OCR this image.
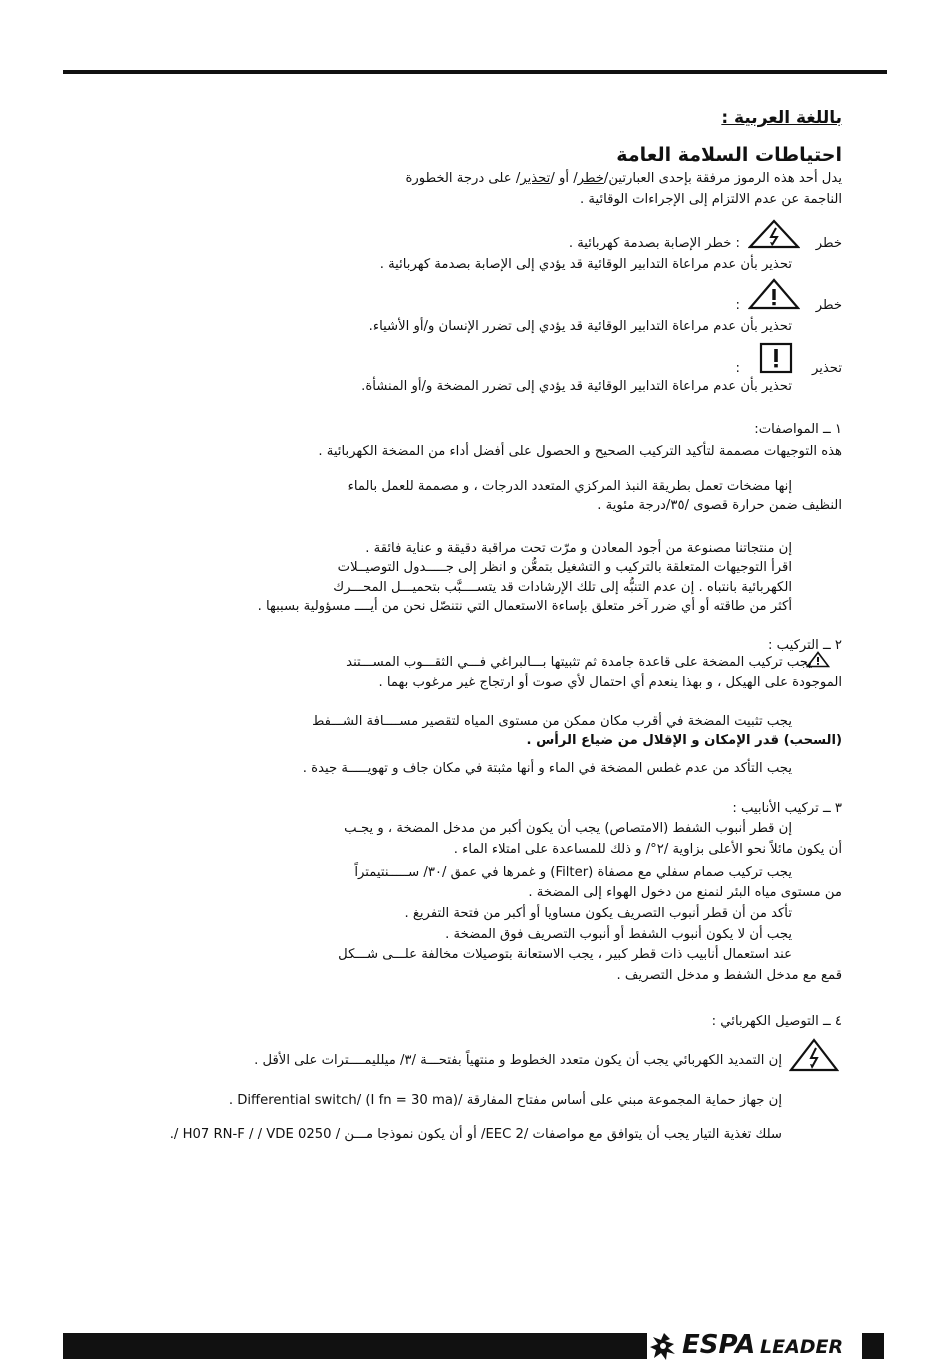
باللغة العربية :
احتياطات السلامة العامة
يدل أحد هذه الرموز مرفقة بإحدى العبارتين/خطر/ أو /تحذير/ على درجة الخطورة
الناجمة عن عدم الالتزام إلى الإجراءات الوقائية .
خطر
: خطر الإصابة بصدمة كهربائية .
تحذير بأن عدم مراعاة التدابير الوقائية قد يؤدي إلى الإصابة بصدمة كهربائية .
خطر
:
تحذير بأن عدم مراعاة التدابير الوقائية قد يؤدي إلى تضرر الإنسان و/أو الأشياء.
تحذير
:
تحذير بأن عدم مراعاة التدابير الوقائية قد يؤدي إلى تضرر المضخة و/أو المنشأة.
١ ــ المواصفات:
هذه التوجيهات مصممة لتأكيد التركيب الصحيح و الحصول على أفضل أداء من المضخة الكهربائية .
إنها مضخات تعمل بطريقة النبذ المركزي المتعدد الدرجات ، و مصممة للعمل بالماء
النظيف ضمن حرارة قصوى /٣٥/درجة مئوية .
إن منتجاتنا مصنوعة من أجود المعادن و مرّت تحت مراقبة دقيقة و عناية فائقة .
اقرأ التوجيهات المتعلقة بالتركيب و التشغيل بتمعُّن و انظر إلى جـــــدول التوصيــلات
الكهربائية بانتباه . إن عدم التنبُّه إلى تلك الإرشادات قد يتســــبَّب بتحميـــل المحـــرك
أكثر من طاقته أو أي ضرر آخر متعلق بإساءة الاستعمال التي نتنصّل نحن من أيــــ مسؤولية بسببها .
٢ ــ التركيب :
يجب تركيب المضخة على قاعدة جامدة ثم تثبيتها بـــالبراغي فـــي الثقـــوب المســـتند
الموجودة على الهيكل ، و بهذا ينعدم أي احتمال لأي صوت أو ارتجاج غير مرغوب بهما .
يجب تثبيت المضخة في أقرب مكان ممكن من مستوى المياه لتقصير مســــافة الشـــفط
(السحب) قدر الإمكان و الإقلال من ضياع الرأس .
يجب التأكد من عدم غطس المضخة في الماء و أنها مثبتة في مكان جاف و تهويـــــة جيدة .
٣ ــ تركيب الأنابيب :
إن قطر أنبوب الشفط (الامتصاص) يجب أن يكون أكبر من مدخل المضخة ، و يجـب
أن يكون مائلاً نحو الأعلى بزاوية /٢°/ و ذلك للمساعدة على امتلاء الماء .
يجب تركيب صمام سفلي مع مصفاة (Filter) و غمرها في عمق /٣٠/ ســـــنتيمتراً
من مستوى مياه البئر لنمنع من دخول الهواء إلى المضخة .
تأكد من أن قطر أنبوب التصريف يكون مساويا أو أكبر من فتحة التفريغ .
يجب أن لا يكون أنبوب الشفط أو أنبوب التصريف فوق المضخة .
عند استعمال أنابيب ذات قطر كبير ، يجب الاستعانة بتوصيلات مخالفة علـــى شـــكل
قمع مع مدخل الشفط و مدخل التصريف .
٤ ــ التوصيل الكهربائي :
إن التمديد الكهربائي يجب أن يكون متعدد الخطوط و منتهياً بفتحـــة /٣/ ميلليمــــترات على الأقل .
إن جهاز حماية المجموعة مبني على أساس مفتاح المفارقة /Differential switch/ (I fn = 30 ma) .
سلك تغذية التيار يجب أن يتوافق مع مواصفات /EEC 2/ أو أن يكون نموذجا مـــن / H07 RN-F / / VDE 0250 /.
ESPA LEADER
